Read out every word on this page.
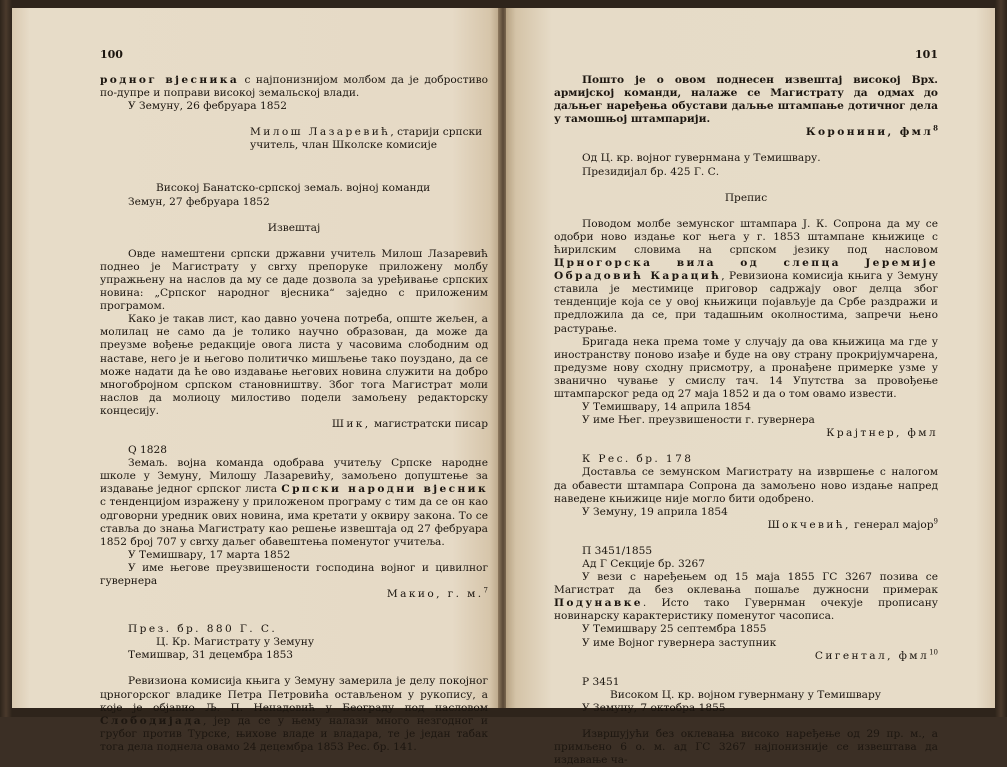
100

родног вјесника с најпонизнијом молбом да је добростиво по-дупре и поправи високој земальској влади.

У Земуну, 26 фебруара 1852

Милош Лазаревић, старији српски учитель, члан Школске комисије

Високој Банатско-српској земаљ. војној команди

Земун, 27 фебруара 1852

Извештај

Овде намештени српски државни учитель Милош Лазаревић поднео је Магистрату у свrху препоруке приложену молбу упражњену на наслов да му се даде дозвола за уређивање српских новина: „Српског народног вјесника“ заједно с приложеним програмом.

Како је такав лист, као давно уочена потреба, опште жељен, а молилац не само да је толико научно образован, да може да преузме вођење редакције овога листа у часовима слободним од наставе, него је и његово политичко мишљење тако поуздано, да се може надати да ће ово издавање његових новина служити на добро многобројном српском становништву. Због тога Магистрат моли наслов да молиоцу милостиво подели замољену редакторску концесију.

Шик, магистратски писар

Q 1828

Земаљ. војна команда одобрава учитељу Српске народне школе у Земуну, Милошу Лазаревићу, замољено допуштење за издавање једног српског листа Српски народни вјесник с тенденцијом изражену у приложеном програму с тим да се он као одговорни уредник ових новина, има кретати у оквиру закона. То се ставља до знања Магистрату као решење извештаја од 27 фебруара 1852 број 707 у свrху даљег обавештења поменутог учитеља.

У Темишвару, 17 марта 1852

У име његове преузвишености господина војног и цивилног гувернера

Макио, г. м.$^7$

През. бр. 880 Г. С.

Ц. Кр. Магистрату у Земуну

Темишвар, 31 децембра 1853

Ревизиона комисија књига у Земуну замерила је делу покојног црногорског владике Петра Петровића остављеном у рукопису, а које је објавио Љ. П. Ненадовић у Београду под насловом Слободијада, јер да се у њему налази много незгодног и грубог против Турске, њихове владе и владара, те је један табак тога дела поднела овамо 24 децембра 1853 Рес. бр. 141.

101

Пошто је о овом поднесен извештај високој Врх. армијској команди, налаже се Магистрату да одмах до даљњег наређења обустави даљње штампање дотичног дела у тамошњој штампарији.

Коронини, фмл$^8$

Од Ц. кр. војног гувернмана у Темишвару.

Президијал бр. 425 Г. С.

Препис

Поводом молбе земунског штампара Ј. К. Сопрона да му се одобри ново издање ког њега у г. 1853 штампане књижице с ћирилским словима на српском језику под насловом Црногорска вила од слепца Јеремије Обрадовић Карацић, Ревизиона комисија књига у Земуну ставила је местимице приговор садржају овог делца због тенденције која се у овој књижици појављује да Србе раздражи и предложила да се, при тадашњим околностима, запречи њено растурање.

Бригада нека према томе у случају да ова књижица ма где у иностранству поново изађе и буде на ову страну прокријумчарена, предузме нову сходну присмотру, а пронађене примерке узме у званично чување у смислу тач. 14 Упутства за провођење штампарског реда од 27 маја 1852 и да о том овамо извести.

У Темишвару, 14 априла 1854

У име Њег. преузвишености г. гувернера

Крајтнер, фмл

К Рес. бр. 178

Доставља се земунском Магистрату на извршење с налогом да обавести штампара Сопрона да замољено ново издање напред наведене књижице није могло бити одобрено.

У Земуну, 19 априла 1854

Шокчевић, генерал мајор$^9$

П 3451/1855

Ад Г Секције бр. 3267

У вези с наређењем од 15 маја 1855 ГС 3267 позива се Магистрат да без оклевања пошаље дужносни примерак Подунавке. Исто тако Гувернман очекује прописану новинарску карактеристику поменутог часописа.

У Темишвару 25 септембра 1855

У име Војног гувернера заступник

Сигентал, фмл$^{10}$

Р 3451

Високом Ц. кр. војном гувернману у Темишвару

У Земуну, 7 октобра 1855

Извршујући без оклевања високо наређење од 29 пр. м., а примљено 6 о. м. ад ГС 3267 најпонизније се извештава да издавање ча-
